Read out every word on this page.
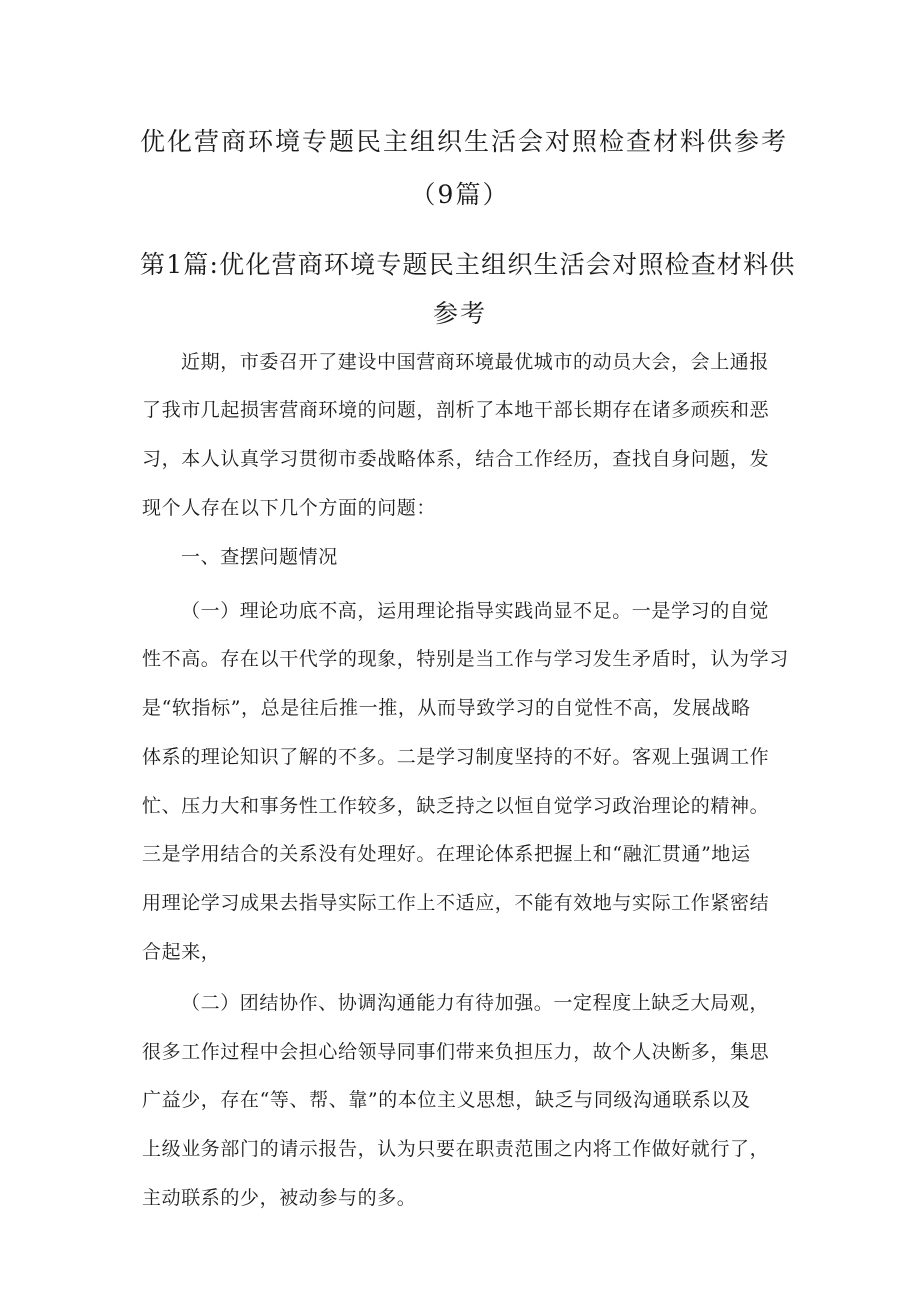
优化营商环境专题民主组织生活会对照检查材料供参考
（9篇）
第1篇:优化营商环境专题民主组织生活会对照检查材料供
参考
近期，市委召开了建设中国营商环境最优城市的动员大会，会上通报
了我市几起损害营商环境的问题，剖析了本地干部长期存在诸多顽疾和恶
习，本人认真学习贯彻市委战略体系，结合工作经历，查找自身问题，发
现个人存在以下几个方面的问题：
一、查摆问题情况
（一）理论功底不高，运用理论指导实践尚显不足。一是学习的自觉
性不高。存在以干代学的现象，特别是当工作与学习发生矛盾时，认为学习
是“软指标”，总是往后推一推，从而导致学习的自觉性不高，发展战略
体系的理论知识了解的不多。二是学习制度坚持的不好。客观上强调工作
忙、压力大和事务性工作较多，缺乏持之以恒自觉学习政治理论的精神。
三是学用结合的关系没有处理好。在理论体系把握上和“融汇贯通”地运
用理论学习成果去指导实际工作上不适应，不能有效地与实际工作紧密结
合起来，
（二）团结协作、协调沟通能力有待加强。一定程度上缺乏大局观，
很多工作过程中会担心给领导同事们带来负担压力，故个人决断多，集思
广益少，存在“等、帮、靠”的本位主义思想，缺乏与同级沟通联系以及
上级业务部门的请示报告，认为只要在职责范围之内将工作做好就行了，
主动联系的少，被动参与的多。
